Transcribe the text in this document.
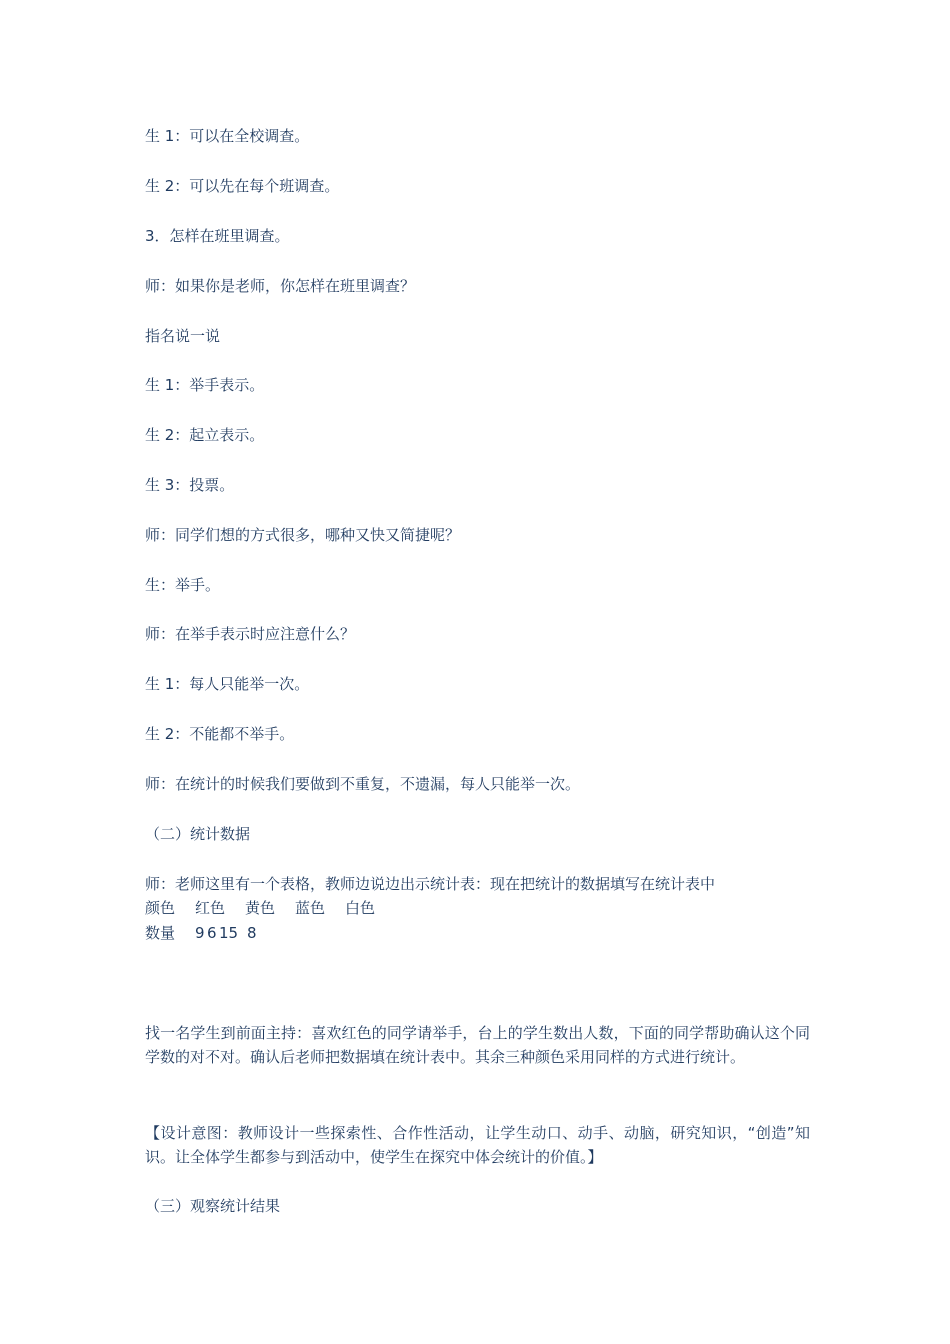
生 1：可以在全校调查。
生 2：可以先在每个班调查。
3．怎样在班里调查。
师：如果你是老师，你怎样在班里调查？
指名说一说
生 1：举手表示。
生 2：起立表示。
生 3：投票。
师：同学们想的方式很多，哪种又快又简捷呢？
生：举手。
师：在举手表示时应注意什么？
生 1：每人只能举一次。
生 2：不能都不举手。
师：在统计的时候我们要做到不重复，不遗漏，每人只能举一次。
（二）统计数据
师：老师这里有一个表格，教师边说边出示统计表：现在把统计的数据填写在统计表中
颜色 红色 黄色 蓝色 白色
数量 9 6 15 8
找一名学生到前面主持：喜欢红色的同学请举手，台上的学生数出人数，下面的同学帮助确认这个同学数的对不对。确认后老师把数据填在统计表中。其余三种颜色采用同样的方式进行统计。
【设计意图：教师设计一些探索性、合作性活动，让学生动口、动手、动脑，研究知识，“创造”知识。让全体学生都参与到活动中，使学生在探究中体会统计的价值。】
（三）观察统计结果
